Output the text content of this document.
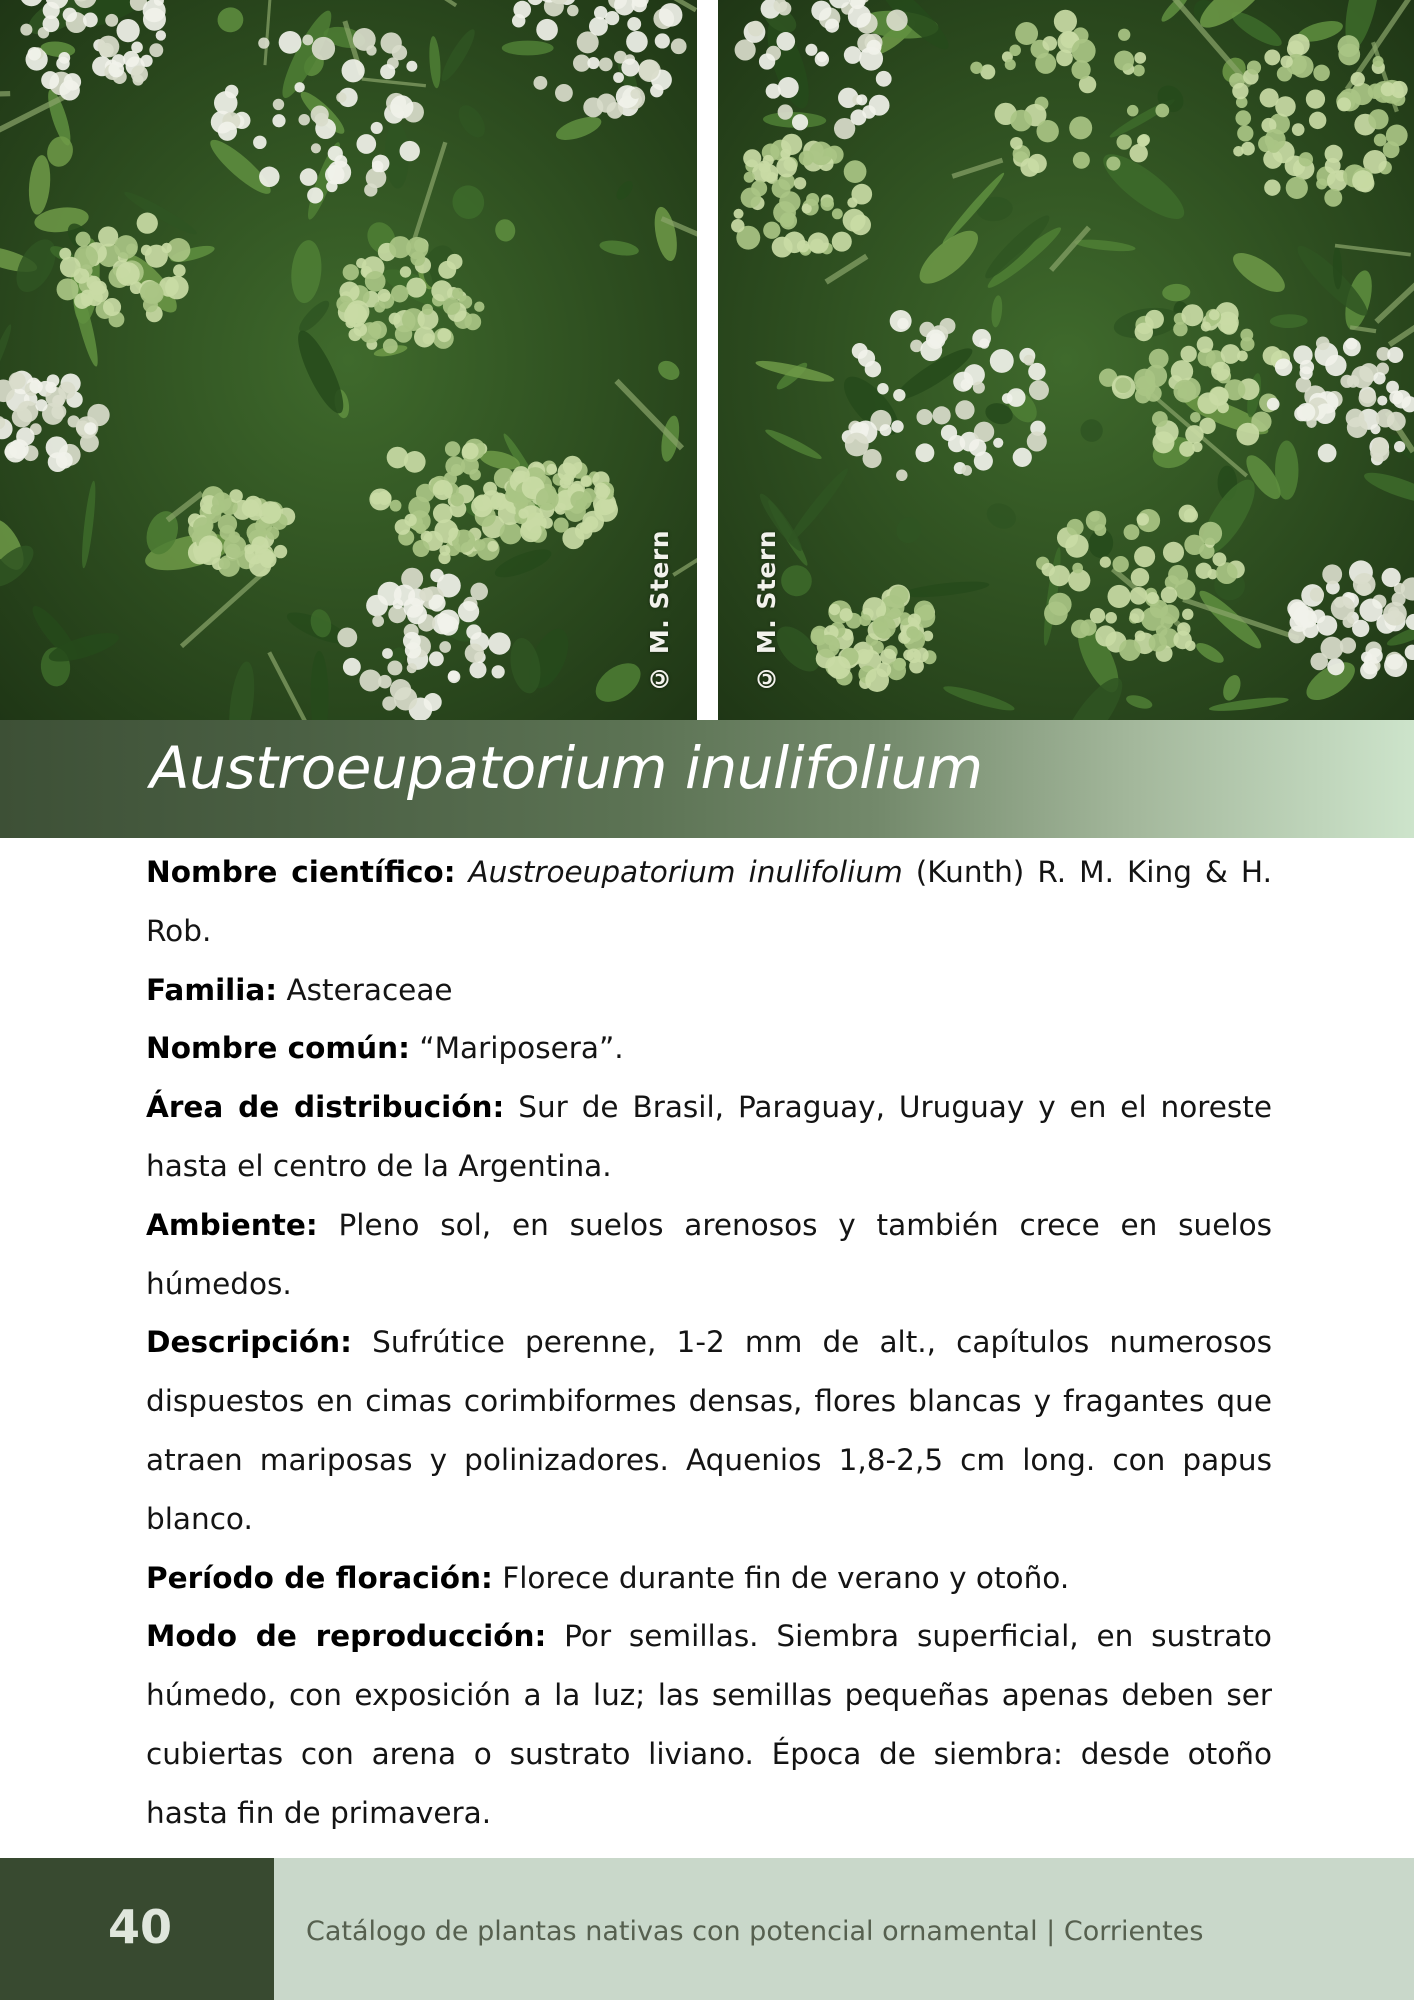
© M. Stern	© M. Stern
Austroeupatorium inulifolium

Nombre científico: Austroeupatorium inulifolium (Kunth) R. M. King & H. Rob.

Familia: Asteraceae

Nombre común: “Mariposera”.

Área de distribución: Sur de Brasil, Paraguay, Uruguay y en el noreste hasta el centro de la Argentina.

Ambiente: Pleno sol, en suelos arenosos y también crece en suelos húmedos.

Descripción: Sufrútice perenne, 1-2 mm de alt., capítulos numerosos dispuestos en cimas corimbiformes densas, flores blancas y fragantes que atraen mariposas y polinizadores. Aquenios 1,8-2,5 cm long. con papus blanco.

Período de floración: Florece durante fin de verano y otoño.

Modo de reproducción: Por semillas. Siembra superficial, en sustrato húmedo, con exposición a la luz; las semillas pequeñas apenas deben ser cubiertas con arena o sustrato liviano. Época de siembra: desde otoño hasta fin de primavera.

40	Catálogo de plantas nativas con potencial ornamental | Corrientes
